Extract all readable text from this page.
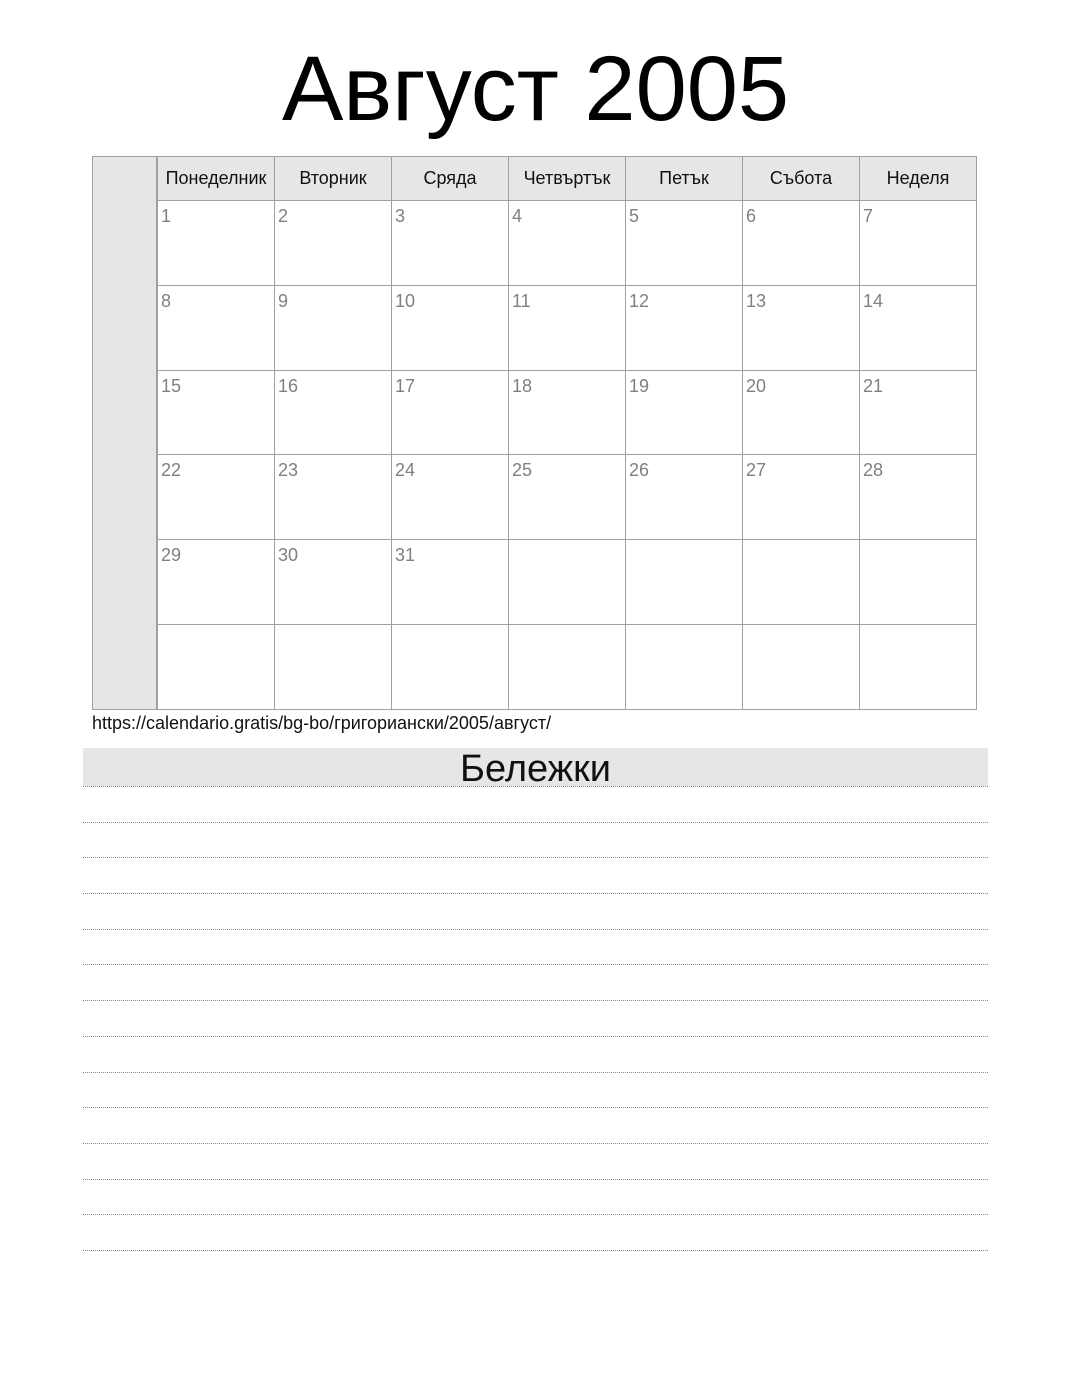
Август 2005
Понеделник	Вторник	Сряда	Четвъртък	Петък	Събота	Неделя
1	2	3	4	5	6	7
8	9	10	11	12	13	14
15	16	17	18	19	20	21
22	23	24	25	26	27	28
29	30	31				

https://calendario.gratis/bg-bo/григориански/2005/август/
Бележки
